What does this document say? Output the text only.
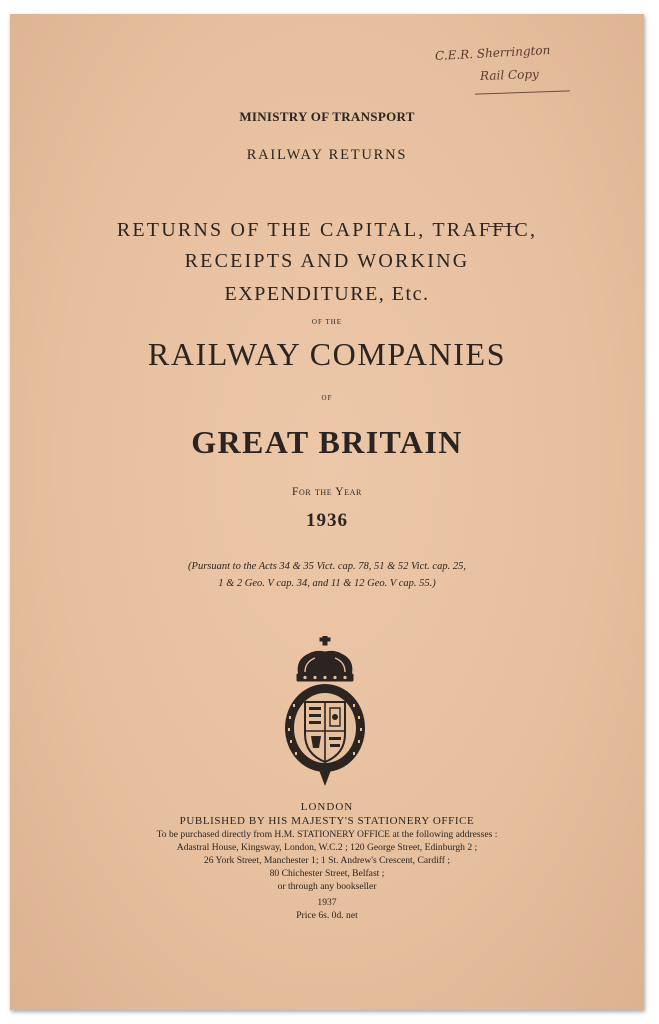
C.E.R. Sherrington
Rail Copy
MINISTRY OF TRANSPORT
RAILWAY RETURNS
RETURNS OF THE CAPITAL, TRAFFIC,
RECEIPTS AND WORKING
EXPENDITURE, Etc.
OF THE
RAILWAY COMPANIES
OF
GREAT BRITAIN
For the Year
1936
(Pursuant to the Acts 34 & 35 Vict. cap. 78, 51 & 52 Vict. cap. 25,
1 & 2 Geo. V cap. 34, and 11 & 12 Geo. V cap. 55.)
LONDON
PUBLISHED BY HIS MAJESTY'S STATIONERY OFFICE
To be purchased directly from H.M. STATIONERY OFFICE at the following addresses :
Adastral House, Kingsway, London, W.C.2 ; 120 George Street, Edinburgh 2 ;
26 York Street, Manchester 1; 1 St. Andrew's Crescent, Cardiff ;
80 Chichester Street, Belfast ;
or through any bookseller
1937
Price 6s. 0d. net
